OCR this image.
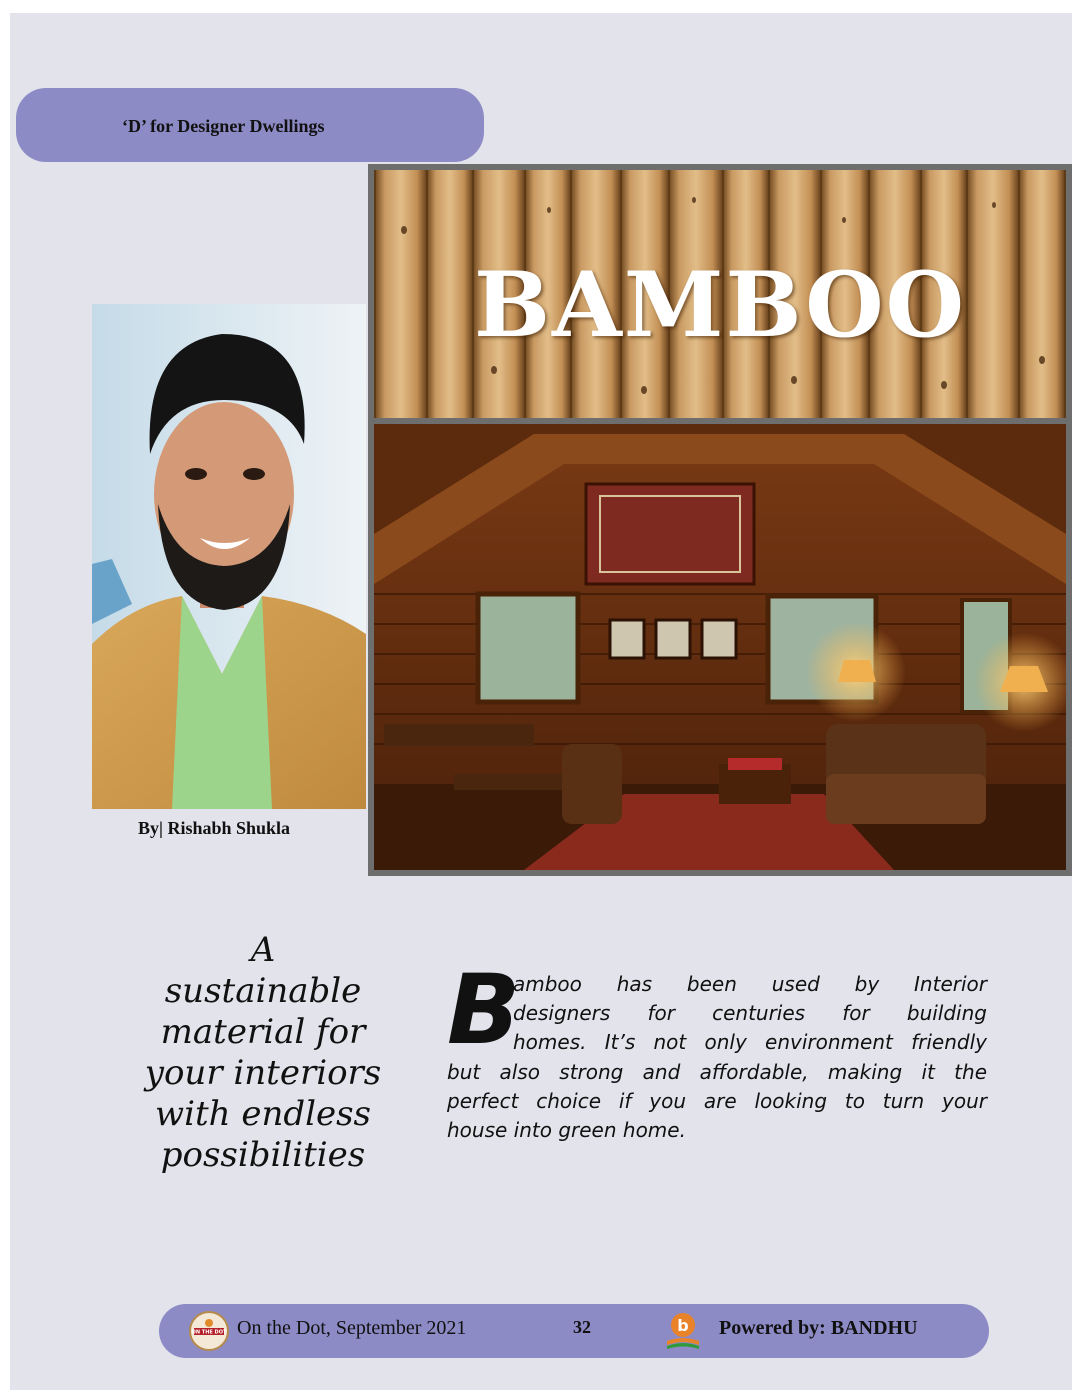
‘D’ for Designer Dwellings
BAMBOO
By| Rishabh Shukla
A
sustainable
material for
your interiors
with endless
possibilities
B
amboo has been used by Interior
designers for centuries for building
homes. It’s not only environment friendly
but also strong and affordable, making it the
perfect choice if you are looking to turn your
house into green home.
ON THE DOT On the Dot, September 2021	32	b Powered by: BANDHU
